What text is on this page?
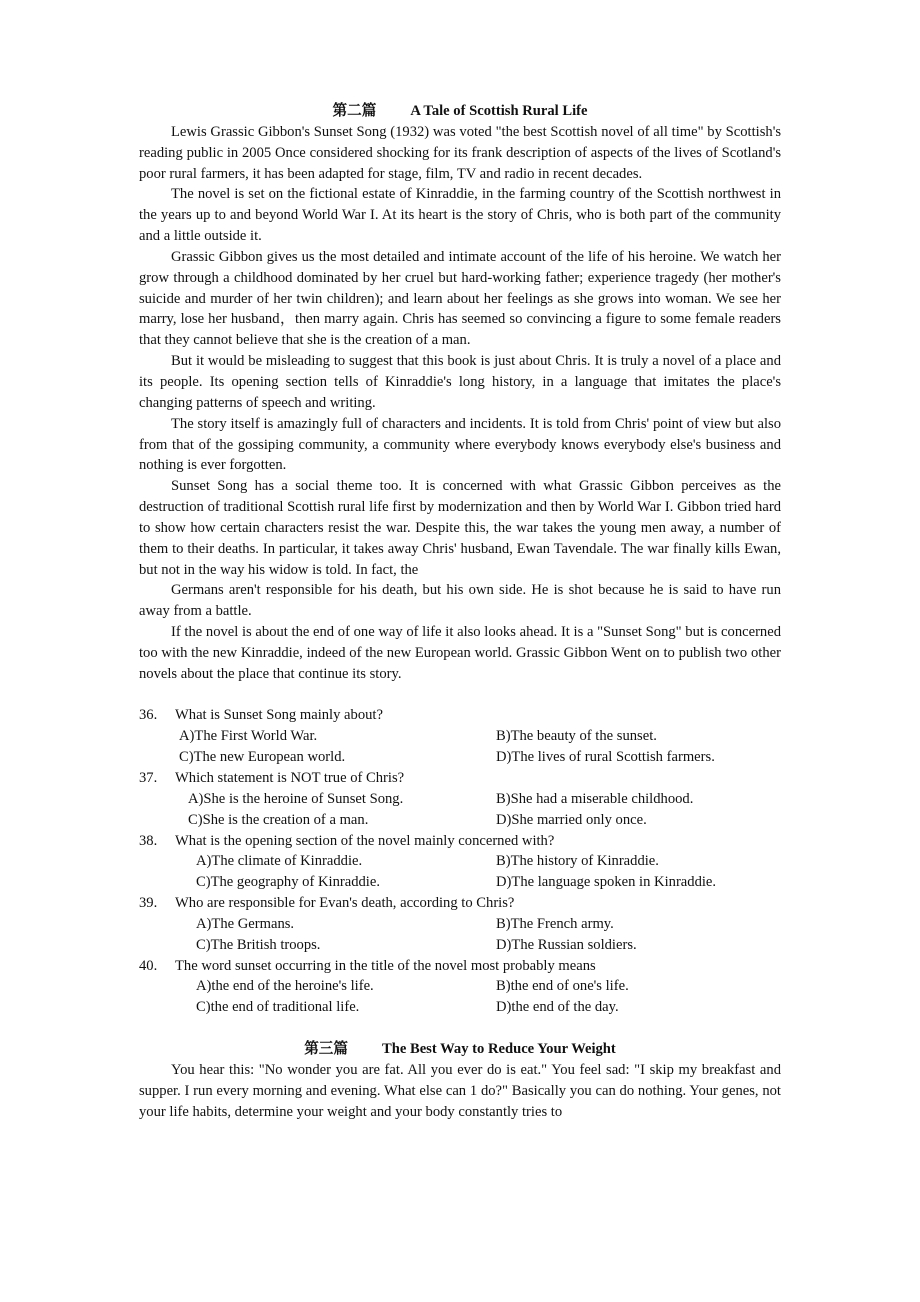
第二篇 A Tale of Scottish Rural Life

Lewis Grassic Gibbon's Sunset Song (1932) was voted "the best Scottish novel of all time" by Scottish's reading public in 2005 Once considered shocking for its frank description of aspects of the lives of Scotland's poor rural farmers, it has been adapted for stage, film, TV and radio in recent decades.

The novel is set on the fictional estate of Kinraddie, in the farming country of the Scottish northwest in the years up to and beyond World War I. At its heart is the story of Chris, who is both part of the community and a little outside it.

Grassic Gibbon gives us the most detailed and intimate account of the life of his heroine. We watch her grow through a childhood dominated by her cruel but hard-working father; experience tragedy (her mother's suicide and murder of her twin children); and learn about her feelings as she grows into woman. We see her marry, lose her husband，then marry again. Chris has seemed so convincing a figure to some female readers that they cannot believe that she is the creation of a man.

But it would be misleading to suggest that this book is just about Chris. It is truly a novel of a place and its people. Its opening section tells of Kinraddie's long history, in a language that imitates the place's changing patterns of speech and writing.

The story itself is amazingly full of characters and incidents. It is told from Chris' point of view but also from that of the gossiping community, a community where everybody knows everybody else's business and nothing is ever forgotten.

Sunset Song has a social theme too. It is concerned with what Grassic Gibbon perceives as the destruction of traditional Scottish rural life first by modernization and then by World War I. Gibbon tried hard to show how certain characters resist the war. Despite this, the war takes the young men away, a number of them to their deaths. In particular, it takes away Chris' husband, Ewan Tavendale. The war finally kills Ewan, but not in the way his widow is told. In fact, the

Germans aren't responsible for his death, but his own side. He is shot because he is said to have run away from a battle.

If the novel is about the end of one way of life it also looks ahead. It is a "Sunset Song" but is concerned too with the new Kinraddie, indeed of the new European world. Grassic Gibbon Went on to publish two other novels about the place that continue its story.

36. What is Sunset Song mainly about?
A)The First World War.	B)The beauty of the sunset.
C)The new European world.	D)The lives of rural Scottish farmers.
37. Which statement is NOT true of Chris?
A)She is the heroine of Sunset Song.	B)She had a miserable childhood.
C)She is the creation of a man.	D)She married only once.
38. What is the opening section of the novel mainly concerned with?
A)The climate of Kinraddie.	B)The history of Kinraddie.
C)The geography of Kinraddie.	D)The language spoken in Kinraddie.
39. Who are responsible for Evan's death, according to Chris?
A)The Germans.	B)The French army.
C)The British troops.	D)The Russian soldiers.
40. The word sunset occurring in the title of the novel most probably means
A)the end of the heroine's life.	B)the end of one's life.
C)the end of traditional life.	D)the end of the day.
第三篇 The Best Way to Reduce Your Weight

You hear this: "No wonder you are fat. All you ever do is eat." You feel sad: "I skip my breakfast and supper. I run every morning and evening. What else can 1 do?" Basically you can do nothing. Your genes, not your life habits, determine your weight and your body constantly tries to
